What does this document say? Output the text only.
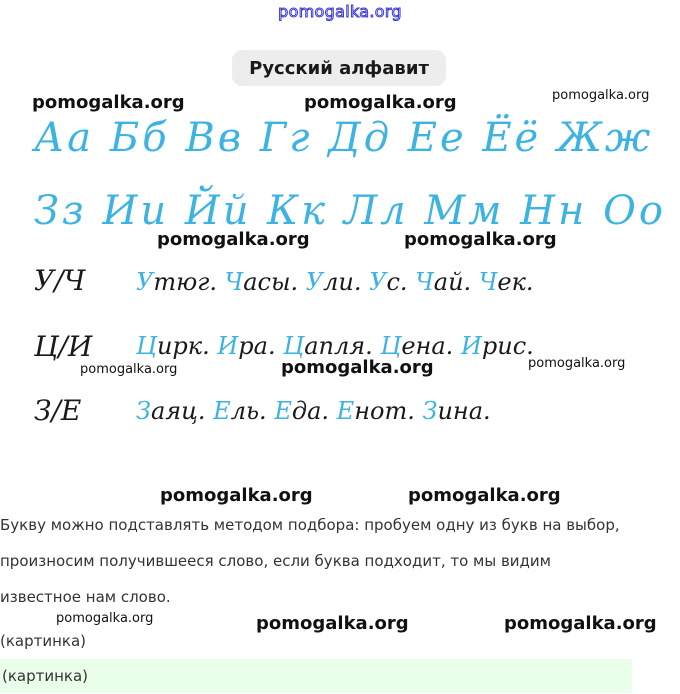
pomogalka.org
Русский алфавит
pomogalka.org	pomogalka.org	pomogalka.org
pomogalka.org	pomogalka.org
pomogalka.org	pomogalka.org	pomogalka.org
pomogalka.org	pomogalka.org
pomogalka.org	pomogalka.org	pomogalka.org
Аа Бб Вв Гг Дд Ее Ёё Жж
Зз Ии Йй Кк Лл Мм Нн Оо
У/Ч Утюг. Часы. Ули. Ус. Чай. Чек.
Ц/И Цирк. Ира. Цапля. Цена. Ирис.
З/Е Заяц. Ель. Еда. Енот. Зина.
Букву можно подставлять методом подбора: пробуем одну из букв на выбор,
произносим получившееся слово, если буква подходит, то мы видим
известное нам слово.
(картинка)
(картинка)
